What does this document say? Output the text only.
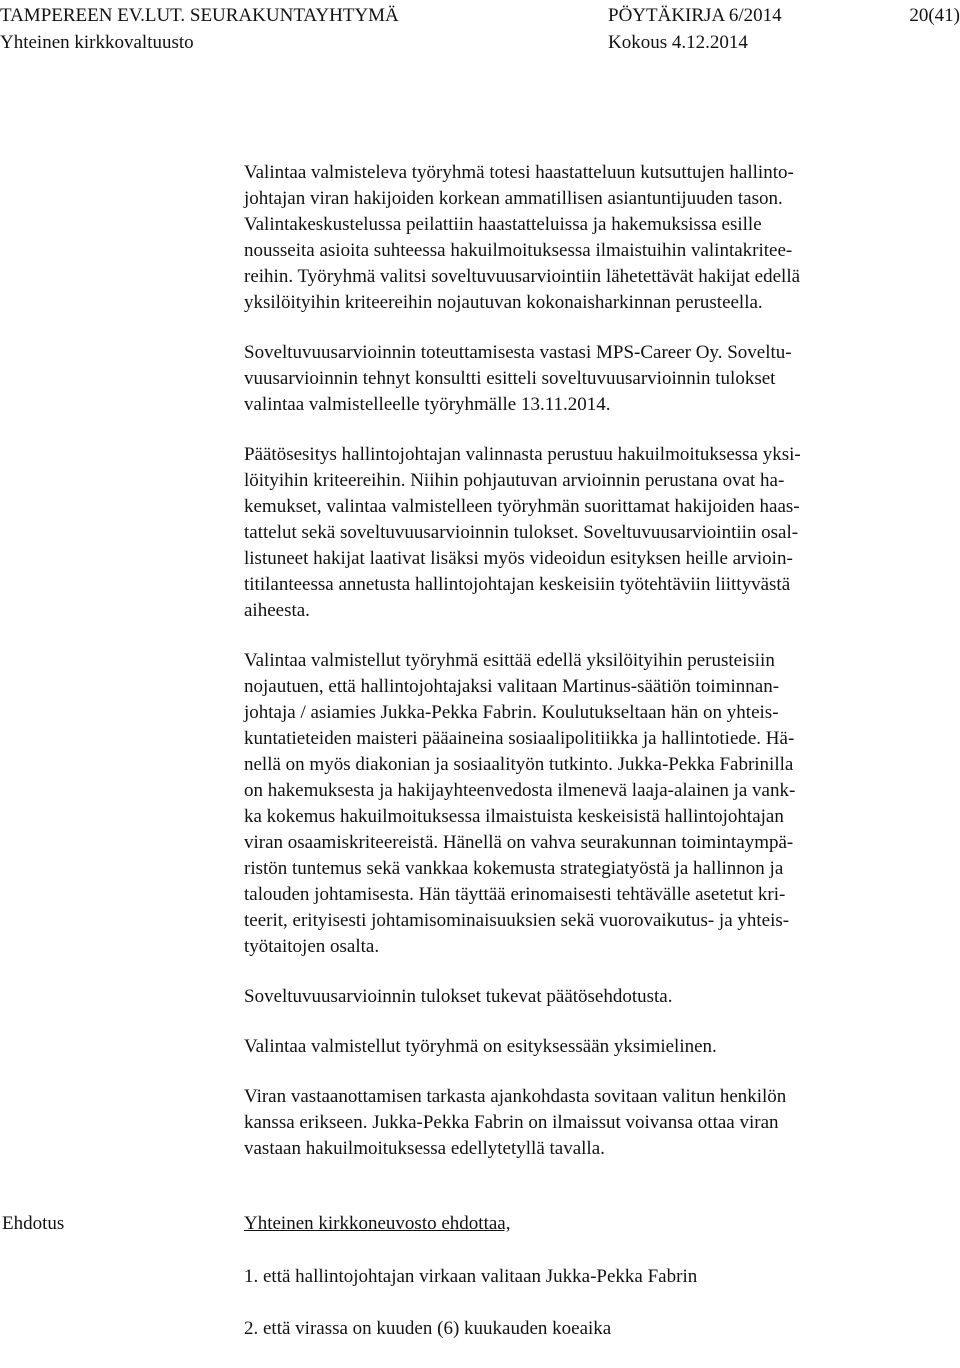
TAMPEREEN EV.LUT. SEURAKUNTAYHTYMÄ	PÖYTÄKIRJA 6/2014	20(41)
Yhteinen kirkkovaltuusto	Kokous 4.12.2014

Valintaa valmisteleva työryhmä totesi haastatteluun kutsuttujen hallinto-
johtajan viran hakijoiden korkean ammatillisen asiantuntijuuden tason.
Valintakeskustelussa peilattiin haastatteluissa ja hakemuksissa esille
nousseita asioita suhteessa hakuilmoituksessa ilmaistuihin valintakritee-
reihin. Työryhmä valitsi soveltuvuusarviointiin lähetettävät hakijat edellä
yksilöityihin kriteereihin nojautuvan kokonaisharkinnan perusteella.

Soveltuvuusarvioinnin toteuttamisesta vastasi MPS-Career Oy. Soveltu-
vuusarvioinnin tehnyt konsultti esitteli soveltuvuusarvioinnin tulokset
valintaa valmistelleelle työryhmälle 13.11.2014.

Päätösesitys hallintojohtajan valinnasta perustuu hakuilmoituksessa yksi-
löityihin kriteereihin. Niihin pohjautuvan arvioinnin perustana ovat ha-
kemukset, valintaa valmistelleen työryhmän suorittamat hakijoiden haas-
tattelut sekä soveltuvuusarvioinnin tulokset. Soveltuvuusarviointiin osal-
listuneet hakijat laativat lisäksi myös videoidun esityksen heille arvioin-
titilanteessa annetusta hallintojohtajan keskeisiin työtehtäviin liittyvästä
aiheesta.

Valintaa valmistellut työryhmä esittää edellä yksilöityihin perusteisiin
nojautuen, että hallintojohtajaksi valitaan Martinus-säätiön toiminnan-
johtaja / asiamies Jukka-Pekka Fabrin. Koulutukseltaan hän on yhteis-
kuntatieteiden maisteri pääaineina sosiaalipolitiikka ja hallintotiede. Hä-
nellä on myös diakonian ja sosiaalityön tutkinto. Jukka-Pekka Fabrinilla
on hakemuksesta ja hakijayhteenvedosta ilmenevä laaja-alainen ja vank-
ka kokemus hakuilmoituksessa ilmaistuista keskeisistä hallintojohtajan
viran osaamiskriteereistä. Hänellä on vahva seurakunnan toimintaympä-
ristön tuntemus sekä vankkaa kokemusta strategiatyöstä ja hallinnon ja
talouden johtamisesta. Hän täyttää erinomaisesti tehtävälle asetetut kri-
teerit, erityisesti johtamisominaisuuksien sekä vuorovaikutus- ja yhteis-
työtaitojen osalta.

Soveltuvuusarvioinnin tulokset tukevat päätösehdotusta.

Valintaa valmistellut työryhmä on esityksessään yksimielinen.

Viran vastaanottamisen tarkasta ajankohdasta sovitaan valitun henkilön
kanssa erikseen. Jukka-Pekka Fabrin on ilmaissut voivansa ottaa viran
vastaan hakuilmoituksessa edellytetyllä tavalla.

Ehdotus	Yhteinen kirkkoneuvosto ehdottaa,
1. että hallintojohtajan virkaan valitaan Jukka-Pekka Fabrin
2. että virassa on kuuden (6) kuukauden koeaika
